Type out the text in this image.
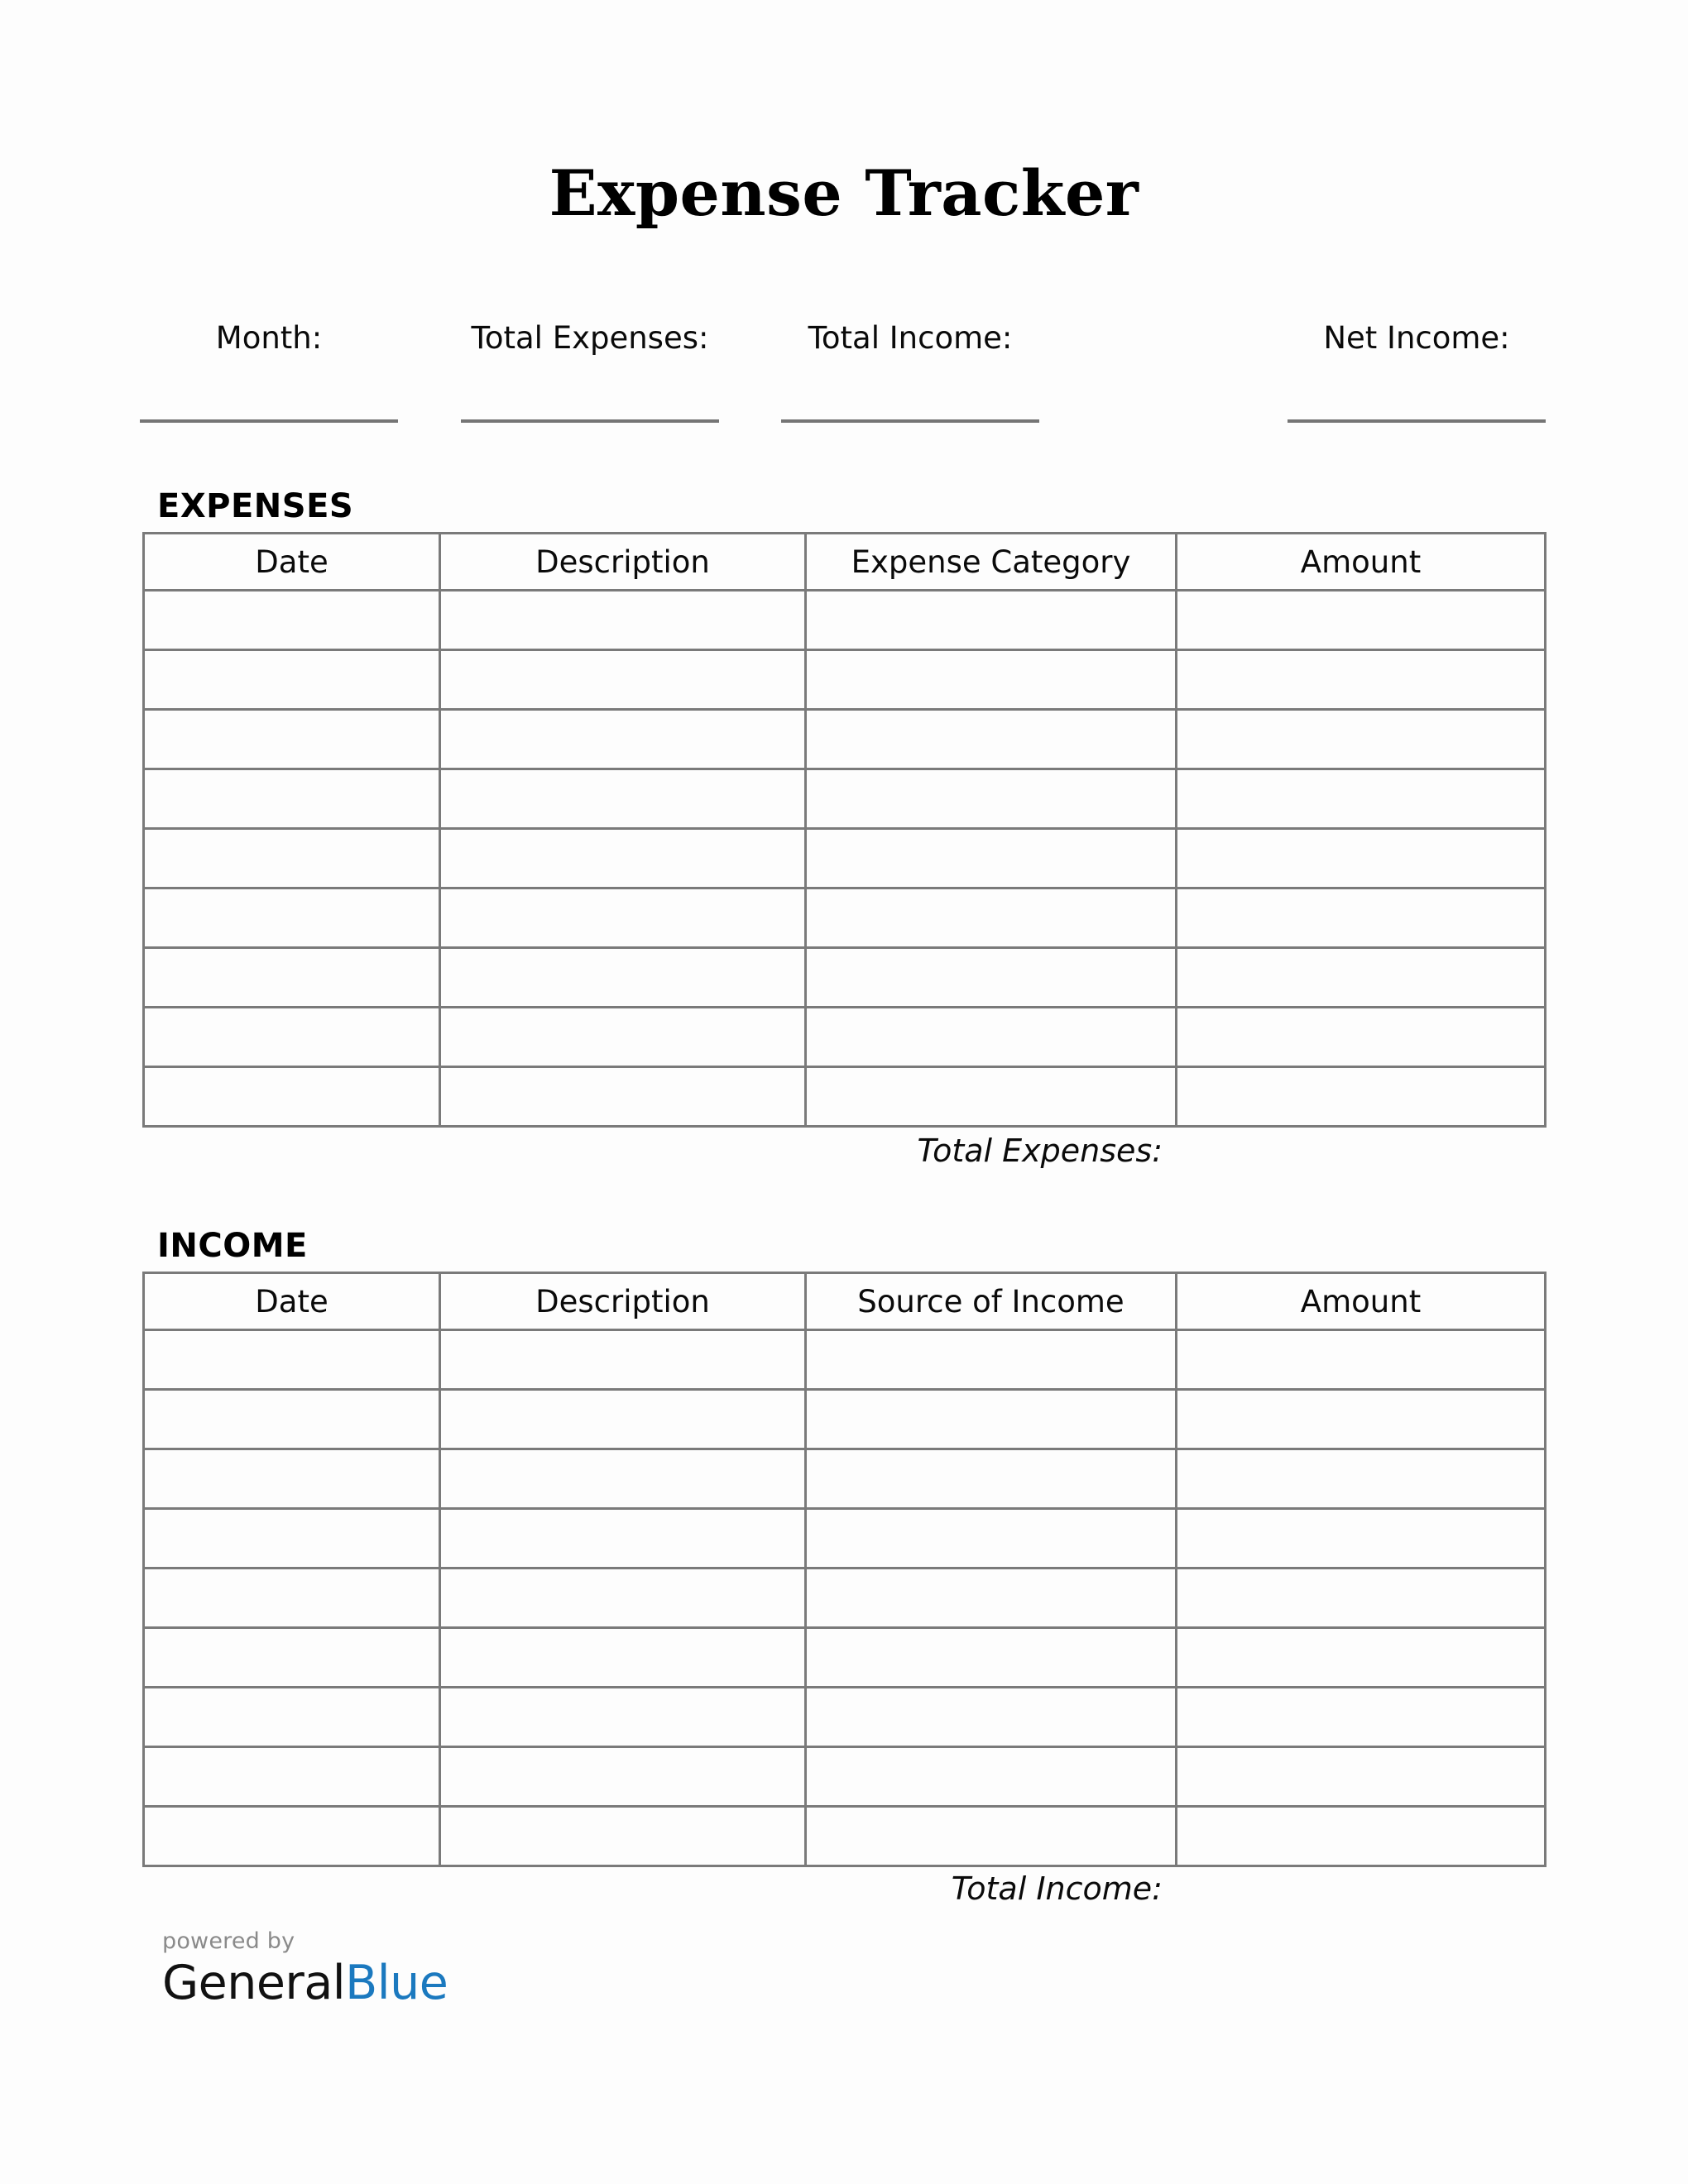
Expense Tracker
Month:	Total Expenses:	Total Income:	Net Income:
EXPENSES
Date	Description	Expense Category	Amount

Total Expenses:
INCOME
Date	Description	Source of Income	Amount

Total Income:
powered by
GeneralBlue
